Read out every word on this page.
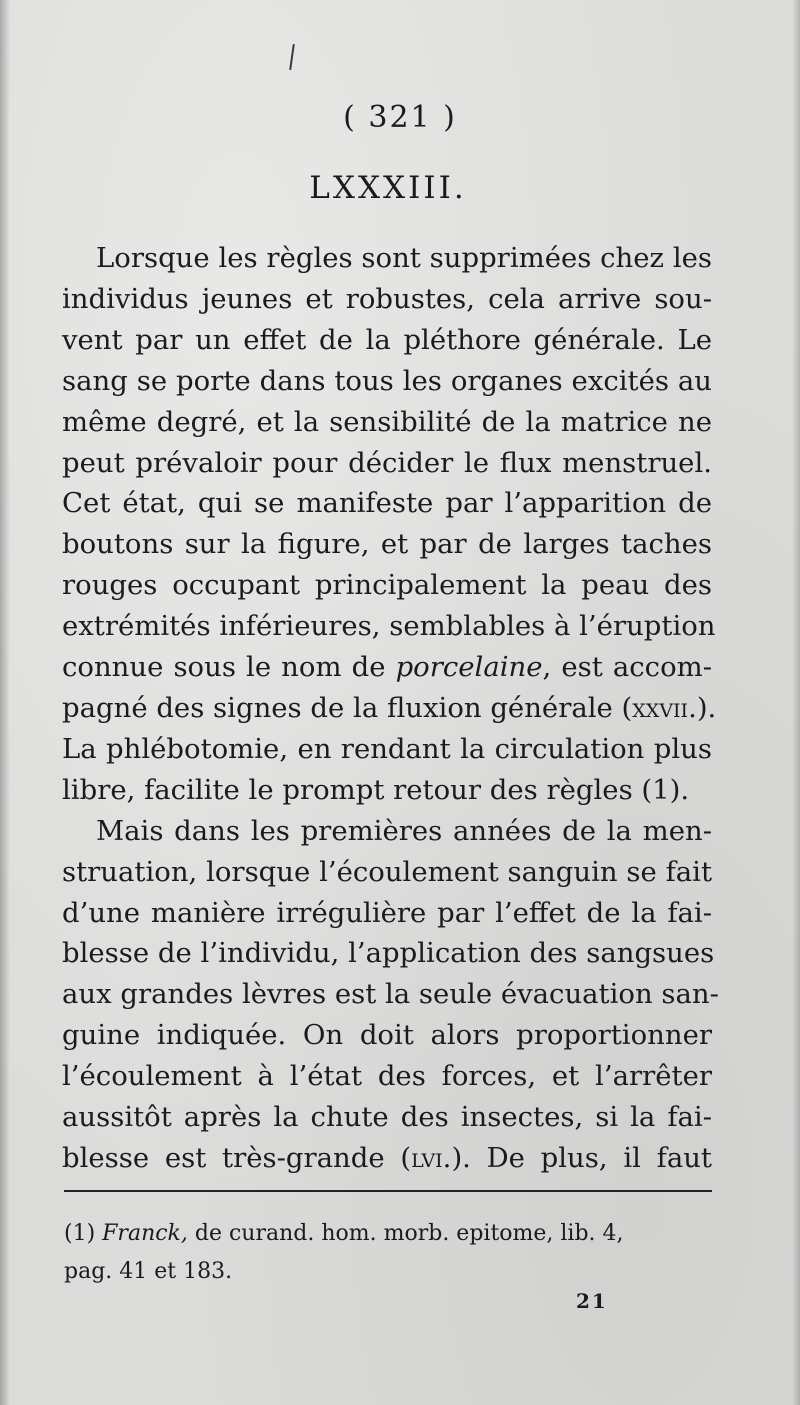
( 321 )
LXXXIII.
Lorsque les règles sont supprimées chez les
individus jeunes et robustes, cela arrive sou-
vent par un effet de la pléthore générale. Le
sang se porte dans tous les organes excités au
même degré, et la sensibilité de la matrice ne
peut prévaloir pour décider le flux menstruel.
Cet état, qui se manifeste par l’apparition de
boutons sur la figure, et par de larges taches
rouges occupant principalement la peau des
extrémités inférieures, semblables à l’éruption
connue sous le nom de porcelaine, est accom-
pagné des signes de la fluxion générale (xxvii.).
La phlébotomie, en rendant la circulation plus
libre, facilite le prompt retour des règles (1).
Mais dans les premières années de la men-
struation, lorsque l’écoulement sanguin se fait
d’une manière irrégulière par l’effet de la fai-
blesse de l’individu, l’application des sangsues
aux grandes lèvres est la seule évacuation san-
guine indiquée. On doit alors proportionner
l’écoulement à l’état des forces, et l’arrêter
aussitôt après la chute des insectes, si la fai-
blesse est très-grande (lvi.). De plus, il faut
(1) Franck, de curand. hom. morb. epitome, lib. 4,
pag. 41 et 183.
21
